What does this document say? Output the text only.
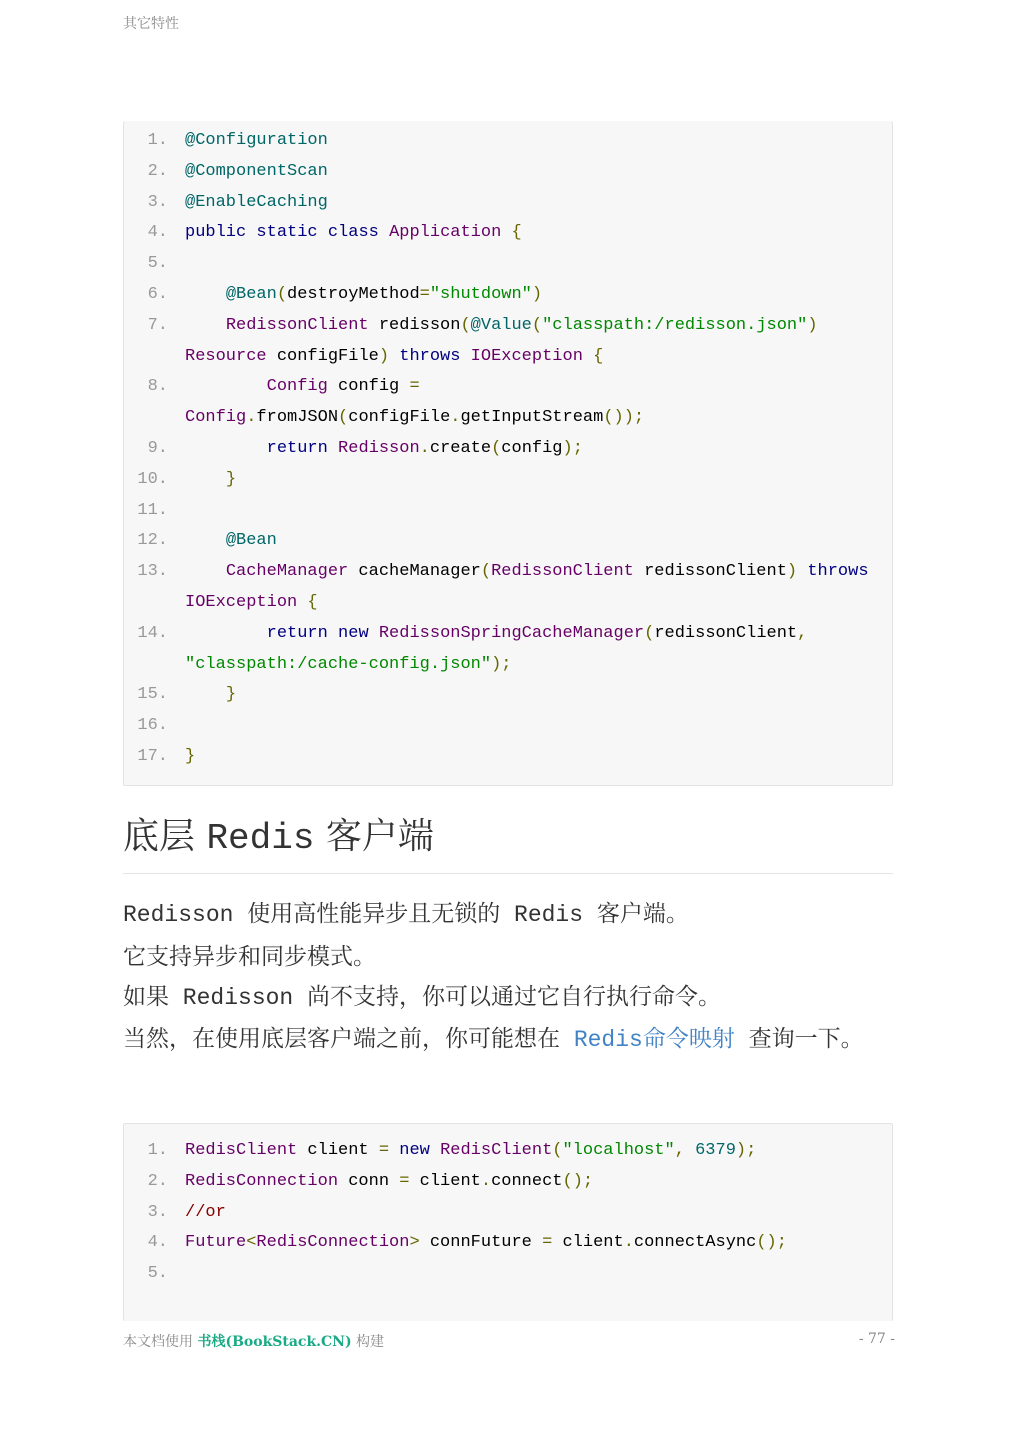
其它特性
1.	@Configuration
2.	@ComponentScan
3.	@EnableCaching
4.	public static class Application {
5.

6.	@Bean(destroyMethod="shutdown")
7.	RedissonClient redisson(@Value("classpath:/redisson.json") Resource configFile) throws IOException {
8.	Config config = Config.fromJSON(configFile.getInputStream());
9.	return Redisson.create(config);
10.	}
11.

12.	@Bean
13.	CacheManager cacheManager(RedissonClient redissonClient) throws IOException {
14.	return new RedissonSpringCacheManager(redissonClient, "classpath:/cache-config.json");
15.	}
16.

17.	}
底层 Redis 客户端

Redisson 使用高性能异步且无锁的 Redis 客户端。

它支持异步和同步模式。

如果 Redisson 尚不支持，你可以通过它自行执行命令。

当然，在使用底层客户端之前，你可能想在 Redis命令映射 查询一下。

1.	RedisClient client = new RedisClient("localhost", 6379);
2.	RedisConnection conn = client.connect();
3.	//or
4.	Future<RedisConnection> connFuture = client.connectAsync();
5.

本文档使用 书栈(BookStack.CN) 构建	- 77 -
